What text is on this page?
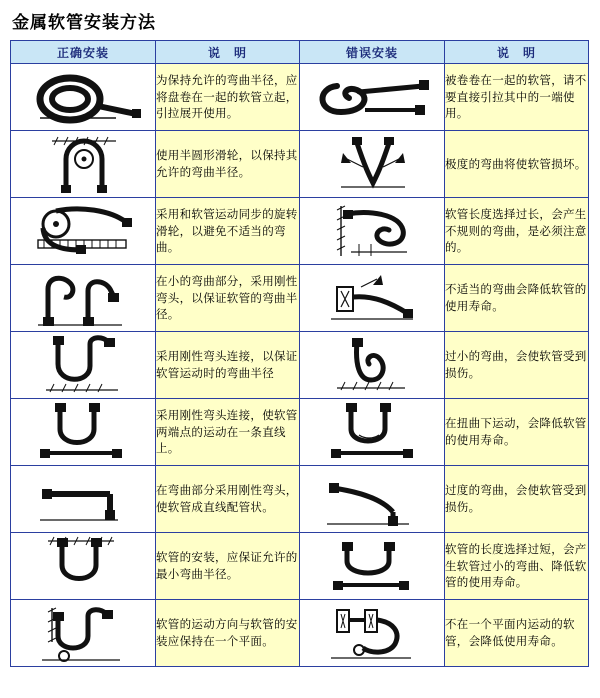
金属软管安装方法
正确安装	说　明	错误安装	说　明

	为保持允许的弯曲半径，应将盘卷在一起的软管立起，引拉展开使用。		被卷卷在一起的软管，请不要直接引拉其中的一端使用。

	使用半圆形滑轮，以保持其允许的弯曲半径。		极度的弯曲将使软管损坏。

	采用和软管运动同步的旋转滑轮，以避免不适当的弯曲。		软管长度选择过长，会产生不规则的弯曲，是必须注意的。

	在小的弯曲部分，采用刚性弯头，以保证软管的弯曲半径。		不适当的弯曲会降低软管的使用寿命。

	采用刚性弯头连接，以保证软管运动时的弯曲半径		过小的弯曲，会使软管受到损伤。

	采用刚性弯头连接，使软管两端点的运动在一条直线上。		在扭曲下运动，会降低软管的使用寿命。

	在弯曲部分采用刚性弯头，使软管成直线配管状。		过度的弯曲，会使软管受到损伤。

	软管的安装，应保证允许的最小弯曲半径。		软管的长度选择过短，会产生软管过小的弯曲、降低软管的使用寿命。

	软管的运动方向与软管的安装应保持在一个平面。		不在一个平面内运动的软管，会降低使用寿命。
